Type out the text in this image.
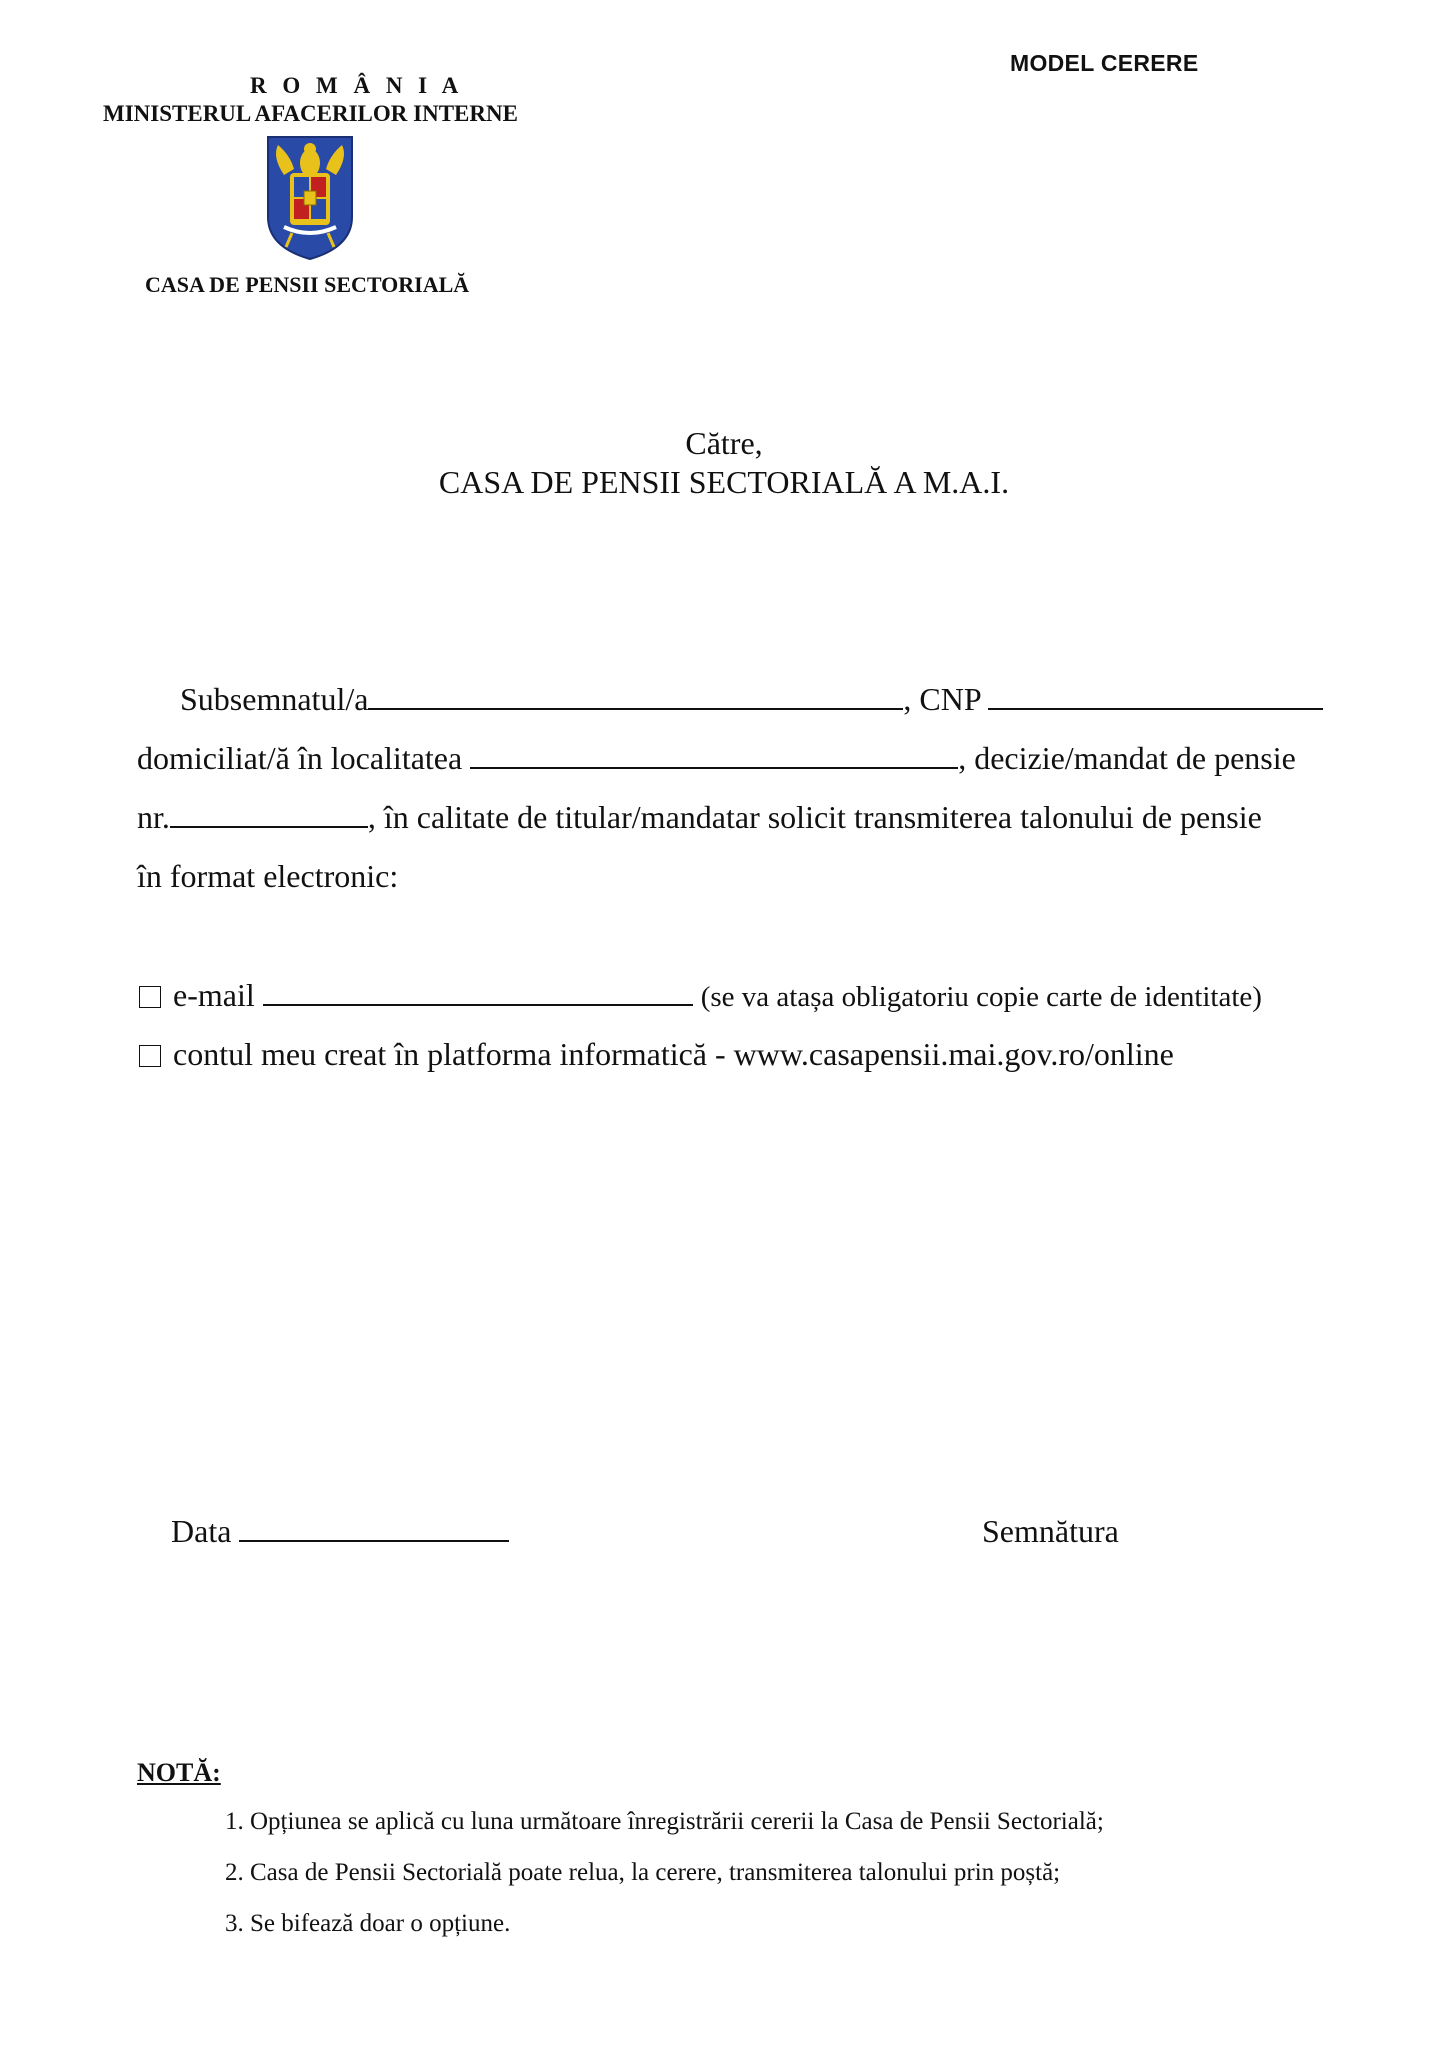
MODEL CERERE
R O M Â N I A
MINISTERUL AFACERILOR INTERNE
CASA DE PENSII SECTORIALĂ
Către,
CASA DE PENSII SECTORIALĂ A M.A.I.
Subsemnatul/a	, CNP
domiciliat/ă în localitatea	, decizie/mandat de pensie
nr.	, în calitate de titular/mandatar solicit transmiterea talonului de pensie
în format electronic:
e-mail	(se va atașa obligatoriu copie carte de identitate)
contul meu creat în platforma informatică - www.casapensii.mai.gov.ro/online
Data	Semnătura
NOTĂ:
1. Opțiunea se aplică cu luna următoare înregistrării cererii la Casa de Pensii Sectorială;
2. Casa de Pensii Sectorială poate relua, la cerere, transmiterea talonului prin poștă;
3. Se bifează doar o opțiune.
